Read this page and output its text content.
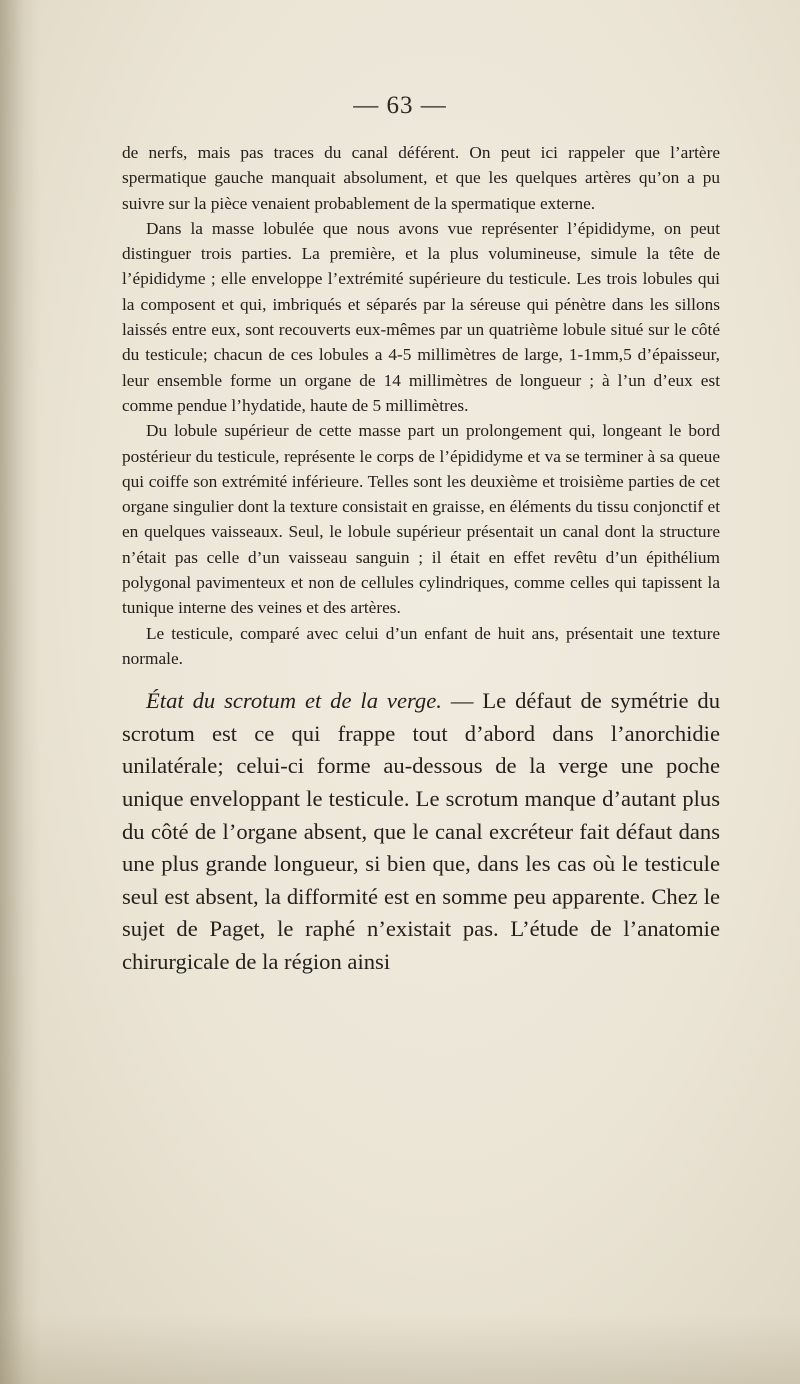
— 63 —

de nerfs, mais pas traces du canal déférent. On peut ici rappeler que l’artère spermatique gauche manquait absolument, et que les quelques artères qu’on a pu suivre sur la pièce venaient probablement de la spermatique externe.

Dans la masse lobulée que nous avons vue représenter l’épididyme, on peut distinguer trois parties. La première, et la plus volumineuse, simule la tête de l’épididyme ; elle enveloppe l’extrémité supérieure du testicule. Les trois lobules qui la composent et qui, imbriqués et séparés par la séreuse qui pénètre dans les sillons laissés entre eux, sont recouverts eux-mêmes par un quatrième lobule situé sur le côté du testicule; chacun de ces lobules a 4-5 millimètres de large, 1-1mm,5 d’épaisseur, leur ensemble forme un organe de 14 millimètres de longueur ; à l’un d’eux est comme pendue l’hydatide, haute de 5 millimètres.

Du lobule supérieur de cette masse part un prolongement qui, longeant le bord postérieur du testicule, représente le corps de l’épididyme et va se terminer à sa queue qui coiffe son extrémité inférieure. Telles sont les deuxième et troisième parties de cet organe singulier dont la texture consistait en graisse, en éléments du tissu conjonctif et en quelques vaisseaux. Seul, le lobule supérieur présentait un canal dont la structure n’était pas celle d’un vaisseau sanguin ; il était en effet revêtu d’un épithélium polygonal pavimenteux et non de cellules cylindriques, comme celles qui tapissent la tunique interne des veines et des artères.

Le testicule, comparé avec celui d’un enfant de huit ans, présentait une texture normale.

État du scrotum et de la verge. — Le défaut de symétrie du scrotum est ce qui frappe tout d’abord dans l’anorchidie unilatérale; celui-ci forme au-dessous de la verge une poche unique enveloppant le testicule. Le scrotum manque d’autant plus du côté de l’organe absent, que le canal excréteur fait défaut dans une plus grande longueur, si bien que, dans les cas où le testicule seul est absent, la difformité est en somme peu apparente. Chez le sujet de Paget, le raphé n’existait pas. L’étude de l’anatomie chirurgicale de la région ainsi
